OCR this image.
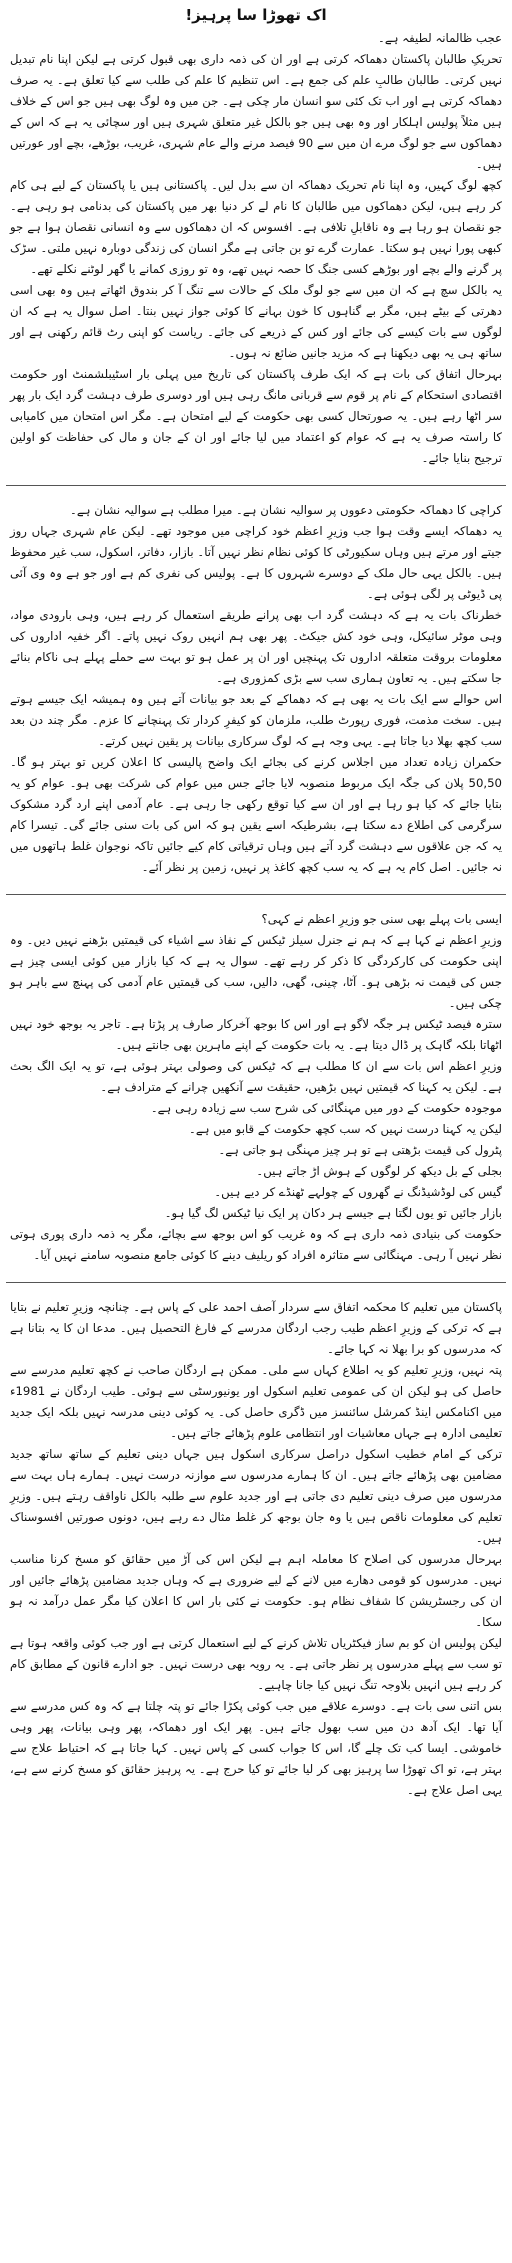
اک تھوڑا سا پرہیز!

عجب ظالمانہ لطیفہ ہے۔

تحریکِ طالبان پاکستان دھماکہ کرتی ہے اور ان کی ذمہ داری بھی قبول کرتی ہے لیکن اپنا نام تبدیل نہیں کرتی۔ طالبان طالبِ علم کی جمع ہے۔ اس تنظیم کا علم کی طلب سے کیا تعلق ہے۔ یہ صرف دھماکہ کرتی ہے اور اب تک کئی سو انسان مار چکی ہے۔ جن میں وہ لوگ بھی ہیں جو اس کے خلاف ہیں مثلاً پولیس اہلکار اور وہ بھی ہیں جو بالکل غیر متعلق شہری ہیں اور سچائی یہ ہے کہ اس کے دھماکوں سے جو لوگ مرے ان میں سے 90 فیصد مرنے والے عام شہری، غریب، بوڑھے، بچے اور عورتیں ہیں۔

کچھ لوگ کہیں، وہ اپنا نام تحریک دھماکہ ان سے بدل لیں۔ پاکستانی ہیں یا پاکستان کے لیے ہی کام کر رہے ہیں، لیکن دھماکوں میں طالبان کا نام لے کر دنیا بھر میں پاکستان کی بدنامی ہو رہی ہے۔ جو نقصان ہو رہا ہے وہ ناقابلِ تلافی ہے۔ افسوس کہ ان دھماکوں سے وہ انسانی نقصان ہوا ہے جو کبھی پورا نہیں ہو سکتا۔ عمارت گرے تو بن جاتی ہے مگر انسان کی زندگی دوبارہ نہیں ملتی۔ سڑک پر گرنے والے بچے اور بوڑھے کسی جنگ کا حصہ نہیں تھے، وہ تو روزی کمانے یا گھر لوٹنے نکلے تھے۔

یہ بالکل سچ ہے کہ ان میں سے جو لوگ ملک کے حالات سے تنگ آ کر بندوق اٹھاتے ہیں وہ بھی اسی دھرتی کے بیٹے ہیں، مگر بے گناہوں کا خون بہانے کا کوئی جواز نہیں بنتا۔ اصل سوال یہ ہے کہ ان لوگوں سے بات کیسے کی جائے اور کس کے ذریعے کی جائے۔ ریاست کو اپنی رٹ قائم رکھنی ہے اور ساتھ ہی یہ بھی دیکھنا ہے کہ مزید جانیں ضائع نہ ہوں۔

بہرحال اتفاق کی بات ہے کہ ایک طرف پاکستان کی تاریخ میں پہلی بار اسٹیبلشمنٹ اور حکومت اقتصادی استحکام کے نام پر قوم سے قربانی مانگ رہی ہیں اور دوسری طرف دہشت گرد ایک بار پھر سر اٹھا رہے ہیں۔ یہ صورتحال کسی بھی حکومت کے لیے امتحان ہے۔ مگر اس امتحان میں کامیابی کا راستہ صرف یہ ہے کہ عوام کو اعتماد میں لیا جائے اور ان کے جان و مال کی حفاظت کو اولین ترجیح بنایا جائے۔

کراچی کا دھماکہ حکومتی دعووں پر سوالیہ نشان ہے۔ میرا مطلب ہے سوالیہ نشان ہے۔

یہ دھماکہ ایسے وقت ہوا جب وزیرِ اعظم خود کراچی میں موجود تھے۔ لیکن عام شہری جہاں روز جیتے اور مرتے ہیں وہاں سکیورٹی کا کوئی نظام نظر نہیں آتا۔ بازار، دفاتر، اسکول، سب غیر محفوظ ہیں۔ بالکل یہی حال ملک کے دوسرے شہروں کا ہے۔ پولیس کی نفری کم ہے اور جو ہے وہ وی آئی پی ڈیوٹی پر لگی ہوئی ہے۔

خطرناک بات یہ ہے کہ دہشت گرد اب بھی پرانے طریقے استعمال کر رہے ہیں، وہی بارودی مواد، وہی موٹر سائیکل، وہی خود کش جیکٹ۔ پھر بھی ہم انہیں روک نہیں پاتے۔ اگر خفیہ اداروں کی معلومات بروقت متعلقہ اداروں تک پہنچیں اور ان پر عمل ہو تو بہت سے حملے پہلے ہی ناکام بنائے جا سکتے ہیں۔ یہ تعاون ہماری سب سے بڑی کمزوری ہے۔

اس حوالے سے ایک بات یہ بھی ہے کہ دھماکے کے بعد جو بیانات آتے ہیں وہ ہمیشہ ایک جیسے ہوتے ہیں۔ سخت مذمت، فوری رپورٹ طلب، ملزمان کو کیفرِ کردار تک پہنچانے کا عزم۔ مگر چند دن بعد سب کچھ بھلا دیا جاتا ہے۔ یہی وجہ ہے کہ لوگ سرکاری بیانات پر یقین نہیں کرتے۔

حکمران زیادہ تعداد میں اجلاس کرنے کی بجائے ایک واضح پالیسی کا اعلان کریں تو بہتر ہو گا۔ 50,50 پلان کی جگہ ایک مربوط منصوبہ لایا جائے جس میں عوام کی شرکت بھی ہو۔ عوام کو یہ بتایا جائے کہ کیا ہو رہا ہے اور ان سے کیا توقع رکھی جا رہی ہے۔ عام آدمی اپنے ارد گرد مشکوک سرگرمی کی اطلاع دے سکتا ہے، بشرطیکہ اسے یقین ہو کہ اس کی بات سنی جائے گی۔ تیسرا کام یہ کہ جن علاقوں سے دہشت گرد آتے ہیں وہاں ترقیاتی کام کیے جائیں تاکہ نوجوان غلط ہاتھوں میں نہ جائیں۔ اصل کام یہ ہے کہ یہ سب کچھ کاغذ پر نہیں، زمین پر نظر آئے۔

ایسی بات پہلے بھی سنی جو وزیرِ اعظم نے کہی؟

وزیرِ اعظم نے کہا ہے کہ ہم نے جنرل سیلز ٹیکس کے نفاذ سے اشیاء کی قیمتیں بڑھنے نہیں دیں۔ وہ اپنی حکومت کی کارکردگی کا ذکر کر رہے تھے۔ سوال یہ ہے کہ کیا بازار میں کوئی ایسی چیز ہے جس کی قیمت نہ بڑھی ہو۔ آٹا، چینی، گھی، دالیں، سب کی قیمتیں عام آدمی کی پہنچ سے باہر ہو چکی ہیں۔

سترہ فیصد ٹیکس ہر جگہ لاگو ہے اور اس کا بوجھ آخرکار صارف پر پڑتا ہے۔ تاجر یہ بوجھ خود نہیں اٹھاتا بلکہ گاہک پر ڈال دیتا ہے۔ یہ بات حکومت کے اپنے ماہرین بھی جانتے ہیں۔

وزیرِ اعظم اس بات سے ان کا مطلب ہے کہ ٹیکس کی وصولی بہتر ہوئی ہے، تو یہ ایک الگ بحث ہے۔ لیکن یہ کہنا کہ قیمتیں نہیں بڑھیں، حقیقت سے آنکھیں چرانے کے مترادف ہے۔

موجودہ حکومت کے دور میں مہنگائی کی شرح سب سے زیادہ رہی ہے۔

لیکن یہ کہنا درست نہیں کہ سب کچھ حکومت کے قابو میں ہے۔

پٹرول کی قیمت بڑھتی ہے تو ہر چیز مہنگی ہو جاتی ہے۔

بجلی کے بل دیکھ کر لوگوں کے ہوش اڑ جاتے ہیں۔

گیس کی لوڈشیڈنگ نے گھروں کے چولہے ٹھنڈے کر دیے ہیں۔

بازار جائیں تو یوں لگتا ہے جیسے ہر دکان پر ایک نیا ٹیکس لگ گیا ہو۔

حکومت کی بنیادی ذمہ داری ہے کہ وہ غریب کو اس بوجھ سے بچائے، مگر یہ ذمہ داری پوری ہوتی نظر نہیں آ رہی۔ مہنگائی سے متاثرہ افراد کو ریلیف دینے کا کوئی جامع منصوبہ سامنے نہیں آیا۔

پاکستان میں تعلیم کا محکمہ اتفاق سے سردار آصف احمد علی کے پاس ہے۔ چنانچہ وزیرِ تعلیم نے بتایا ہے کہ ترکی کے وزیرِ اعظم طیب رجب اردگان مدرسے کے فارغ التحصیل ہیں۔ مدعا ان کا یہ بتانا ہے کہ مدرسوں کو برا بھلا نہ کہا جائے۔

پتہ نہیں، وزیرِ تعلیم کو یہ اطلاع کہاں سے ملی۔ ممکن ہے اردگان صاحب نے کچھ تعلیم مدرسے سے حاصل کی ہو لیکن ان کی عمومی تعلیم اسکول اور یونیورسٹی سے ہوئی۔ طیب اردگان نے 1981ء میں اکنامکس اینڈ کمرشل سائنسز میں ڈگری حاصل کی۔ یہ کوئی دینی مدرسہ نہیں بلکہ ایک جدید تعلیمی ادارہ ہے جہاں معاشیات اور انتظامی علوم پڑھائے جاتے ہیں۔

ترکی کے امام خطیب اسکول دراصل سرکاری اسکول ہیں جہاں دینی تعلیم کے ساتھ ساتھ جدید مضامین بھی پڑھائے جاتے ہیں۔ ان کا ہمارے مدرسوں سے موازنہ درست نہیں۔ ہمارے ہاں بہت سے مدرسوں میں صرف دینی تعلیم دی جاتی ہے اور جدید علوم سے طلبہ بالکل ناواقف رہتے ہیں۔ وزیرِ تعلیم کی معلومات ناقص ہیں یا وہ جان بوجھ کر غلط مثال دے رہے ہیں، دونوں صورتیں افسوسناک ہیں۔

بہرحال مدرسوں کی اصلاح کا معاملہ اہم ہے لیکن اس کی آڑ میں حقائق کو مسخ کرنا مناسب نہیں۔ مدرسوں کو قومی دھارے میں لانے کے لیے ضروری ہے کہ وہاں جدید مضامین پڑھائے جائیں اور ان کی رجسٹریشن کا شفاف نظام ہو۔ حکومت نے کئی بار اس کا اعلان کیا مگر عمل درآمد نہ ہو سکا۔

لیکن پولیس ان کو بم ساز فیکٹریاں تلاش کرنے کے لیے استعمال کرتی ہے اور جب کوئی واقعہ ہوتا ہے تو سب سے پہلے مدرسوں پر نظر جاتی ہے۔ یہ رویہ بھی درست نہیں۔ جو ادارے قانون کے مطابق کام کر رہے ہیں انہیں بلاوجہ تنگ نہیں کیا جانا چاہیے۔

بس اتنی سی بات ہے۔ دوسرے علاقے میں جب کوئی پکڑا جائے تو پتہ چلتا ہے کہ وہ کس مدرسے سے آیا تھا۔ ایک آدھ دن میں سب بھول جاتے ہیں۔ پھر ایک اور دھماکہ، پھر وہی بیانات، پھر وہی خاموشی۔ ایسا کب تک چلے گا، اس کا جواب کسی کے پاس نہیں۔ کہا جاتا ہے کہ احتیاط علاج سے بہتر ہے، تو اک تھوڑا سا پرہیز بھی کر لیا جائے تو کیا حرج ہے۔ یہ پرہیز حقائق کو مسخ کرنے سے ہے، یہی اصل علاج ہے۔
